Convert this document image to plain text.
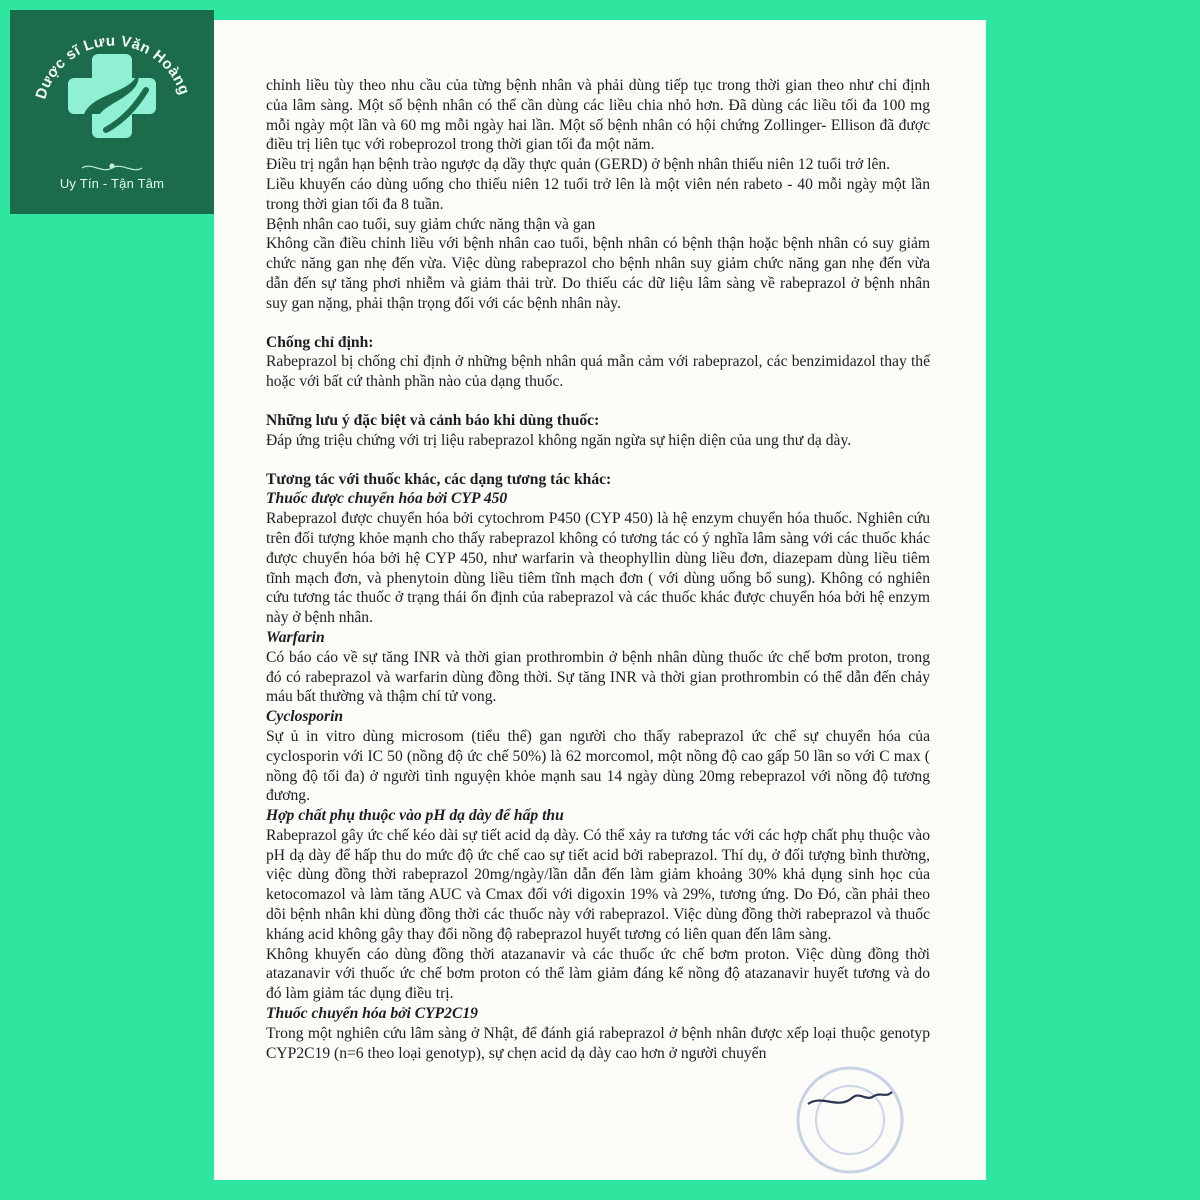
Dược sĩ Lưu Văn Hoàng
Uy Tín - Tận Tâm

chỉnh liều tùy theo nhu cầu của từng bệnh nhân và phải dùng tiếp tục trong thời gian theo như chỉ định của lâm sàng. Một số bệnh nhân có thể cần dùng các liều chia nhỏ hơn. Đã dùng các liều tối đa 100 mg mỗi ngày một lần và 60 mg mỗi ngày hai lần. Một số bệnh nhân có hội chứng Zollinger- Ellison đã được điều trị liên tục với robeprozol trong thời gian tối đa một năm.

Điều trị ngắn hạn bệnh trào ngược dạ dầy thực quản (GERD) ở bệnh nhân thiếu niên 12 tuổi trở lên.

Liều khuyến cáo dùng uống cho thiếu niên 12 tuổi trở lên là một viên nén rabeto - 40 mỗi ngày một lần trong thời gian tối đa 8 tuần.

Bệnh nhân cao tuổi, suy giảm chức năng thận và gan

Không cần điều chỉnh liều với bệnh nhân cao tuổi, bệnh nhân có bệnh thận hoặc bệnh nhân có suy giảm chức năng gan nhẹ đến vừa. Việc dùng rabeprazol cho bệnh nhân suy giảm chức năng gan nhẹ đến vừa dẫn đến sự tăng phơi nhiễm và giảm thải trừ. Do thiếu các dữ liệu lâm sàng về rabeprazol ở bệnh nhân suy gan nặng, phải thận trọng đối với các bệnh nhân này.

Chống chỉ định:

Rabeprazol bị chống chỉ định ở những bệnh nhân quá mẫn cảm với rabeprazol, các benzimidazol thay thế hoặc với bất cứ thành phần nào của dạng thuốc.

Những lưu ý đặc biệt và cảnh báo khi dùng thuốc:

Đáp ứng triệu chứng với trị liệu rabeprazol không ngăn ngừa sự hiện diện của ung thư dạ dày.

Tương tác với thuốc khác, các dạng tương tác khác:

Thuốc được chuyển hóa bởi CYP 450

Rabeprazol được chuyển hóa bởi cytochrom P450 (CYP 450) là hệ enzym chuyển hóa thuốc. Nghiên cứu trên đối tượng khỏe mạnh cho thấy rabeprazol không có tương tác có ý nghĩa lâm sàng với các thuốc khác được chuyển hóa bởi hệ CYP 450, như warfarin và theophyllin dùng liều đơn, diazepam dùng liều tiêm tĩnh mạch đơn, và phenytoin dùng liều tiêm tĩnh mạch đơn ( với dùng uống bổ sung). Không có nghiên cứu tương tác thuốc ở trạng thái ổn định của rabeprazol và các thuốc khác được chuyển hóa bởi hệ enzym này ở bệnh nhân.

Warfarin

Có báo cáo về sự tăng INR và thời gian prothrombin ở bệnh nhân dùng thuốc ức chế bơm proton, trong đó có rabeprazol và warfarin dùng đồng thời. Sự tăng INR và thời gian prothrombin có thể dẫn đến chảy máu bất thường và thậm chí tử vong.

Cyclosporin

Sự ủ in vitro dùng microsom (tiểu thể) gan người cho thấy rabeprazol ức chế sự chuyển hóa của cyclosporin với IC 50 (nồng độ ức chế 50%) là 62 morcomol, một nồng độ cao gấp 50 lần so với C max ( nồng độ tối đa) ở người tình nguyện khỏe mạnh sau 14 ngày dùng 20mg rebeprazol với nồng độ tương đương.

Hợp chất phụ thuộc vào pH dạ dày để hấp thu

Rabeprazol gây ức chế kéo dài sự tiết acid dạ dày. Có thể xảy ra tương tác với các hợp chất phụ thuộc vào pH dạ dày để hấp thu do mức độ ức chế cao sự tiết acid bởi rabeprazol. Thí dụ, ở đối tượng bình thường, việc dùng đồng thời rabeprazol 20mg/ngày/lần dẫn đến làm giảm khoảng 30% khả dụng sinh học của ketocomazol và làm tăng AUC và Cmax đối với digoxin 19% và 29%, tương ứng. Do Đó, cần phải theo dõi bệnh nhân khi dùng đồng thời các thuốc này với rabeprazol. Việc dùng đồng thời rabeprazol và thuốc kháng acid không gây thay đổi nồng độ rabeprazol huyết tương có liên quan đến lâm sàng.

Không khuyến cáo dùng đồng thời atazanavir và các thuốc ức chế bơm proton. Việc dùng đồng thời atazanavir với thuốc ức chế bơm proton có thể làm giảm đáng kể nồng độ atazanavir huyết tương và do đó làm giảm tác dụng điều trị.

Thuốc chuyển hóa bởi CYP2C19

Trong một nghiên cứu lâm sàng ở Nhật, để đánh giá rabeprazol ở bệnh nhân được xếp loại thuộc genotyp CYP2C19 (n=6 theo loại genotyp), sự chẹn acid dạ dày cao hơn ở người chuyển
